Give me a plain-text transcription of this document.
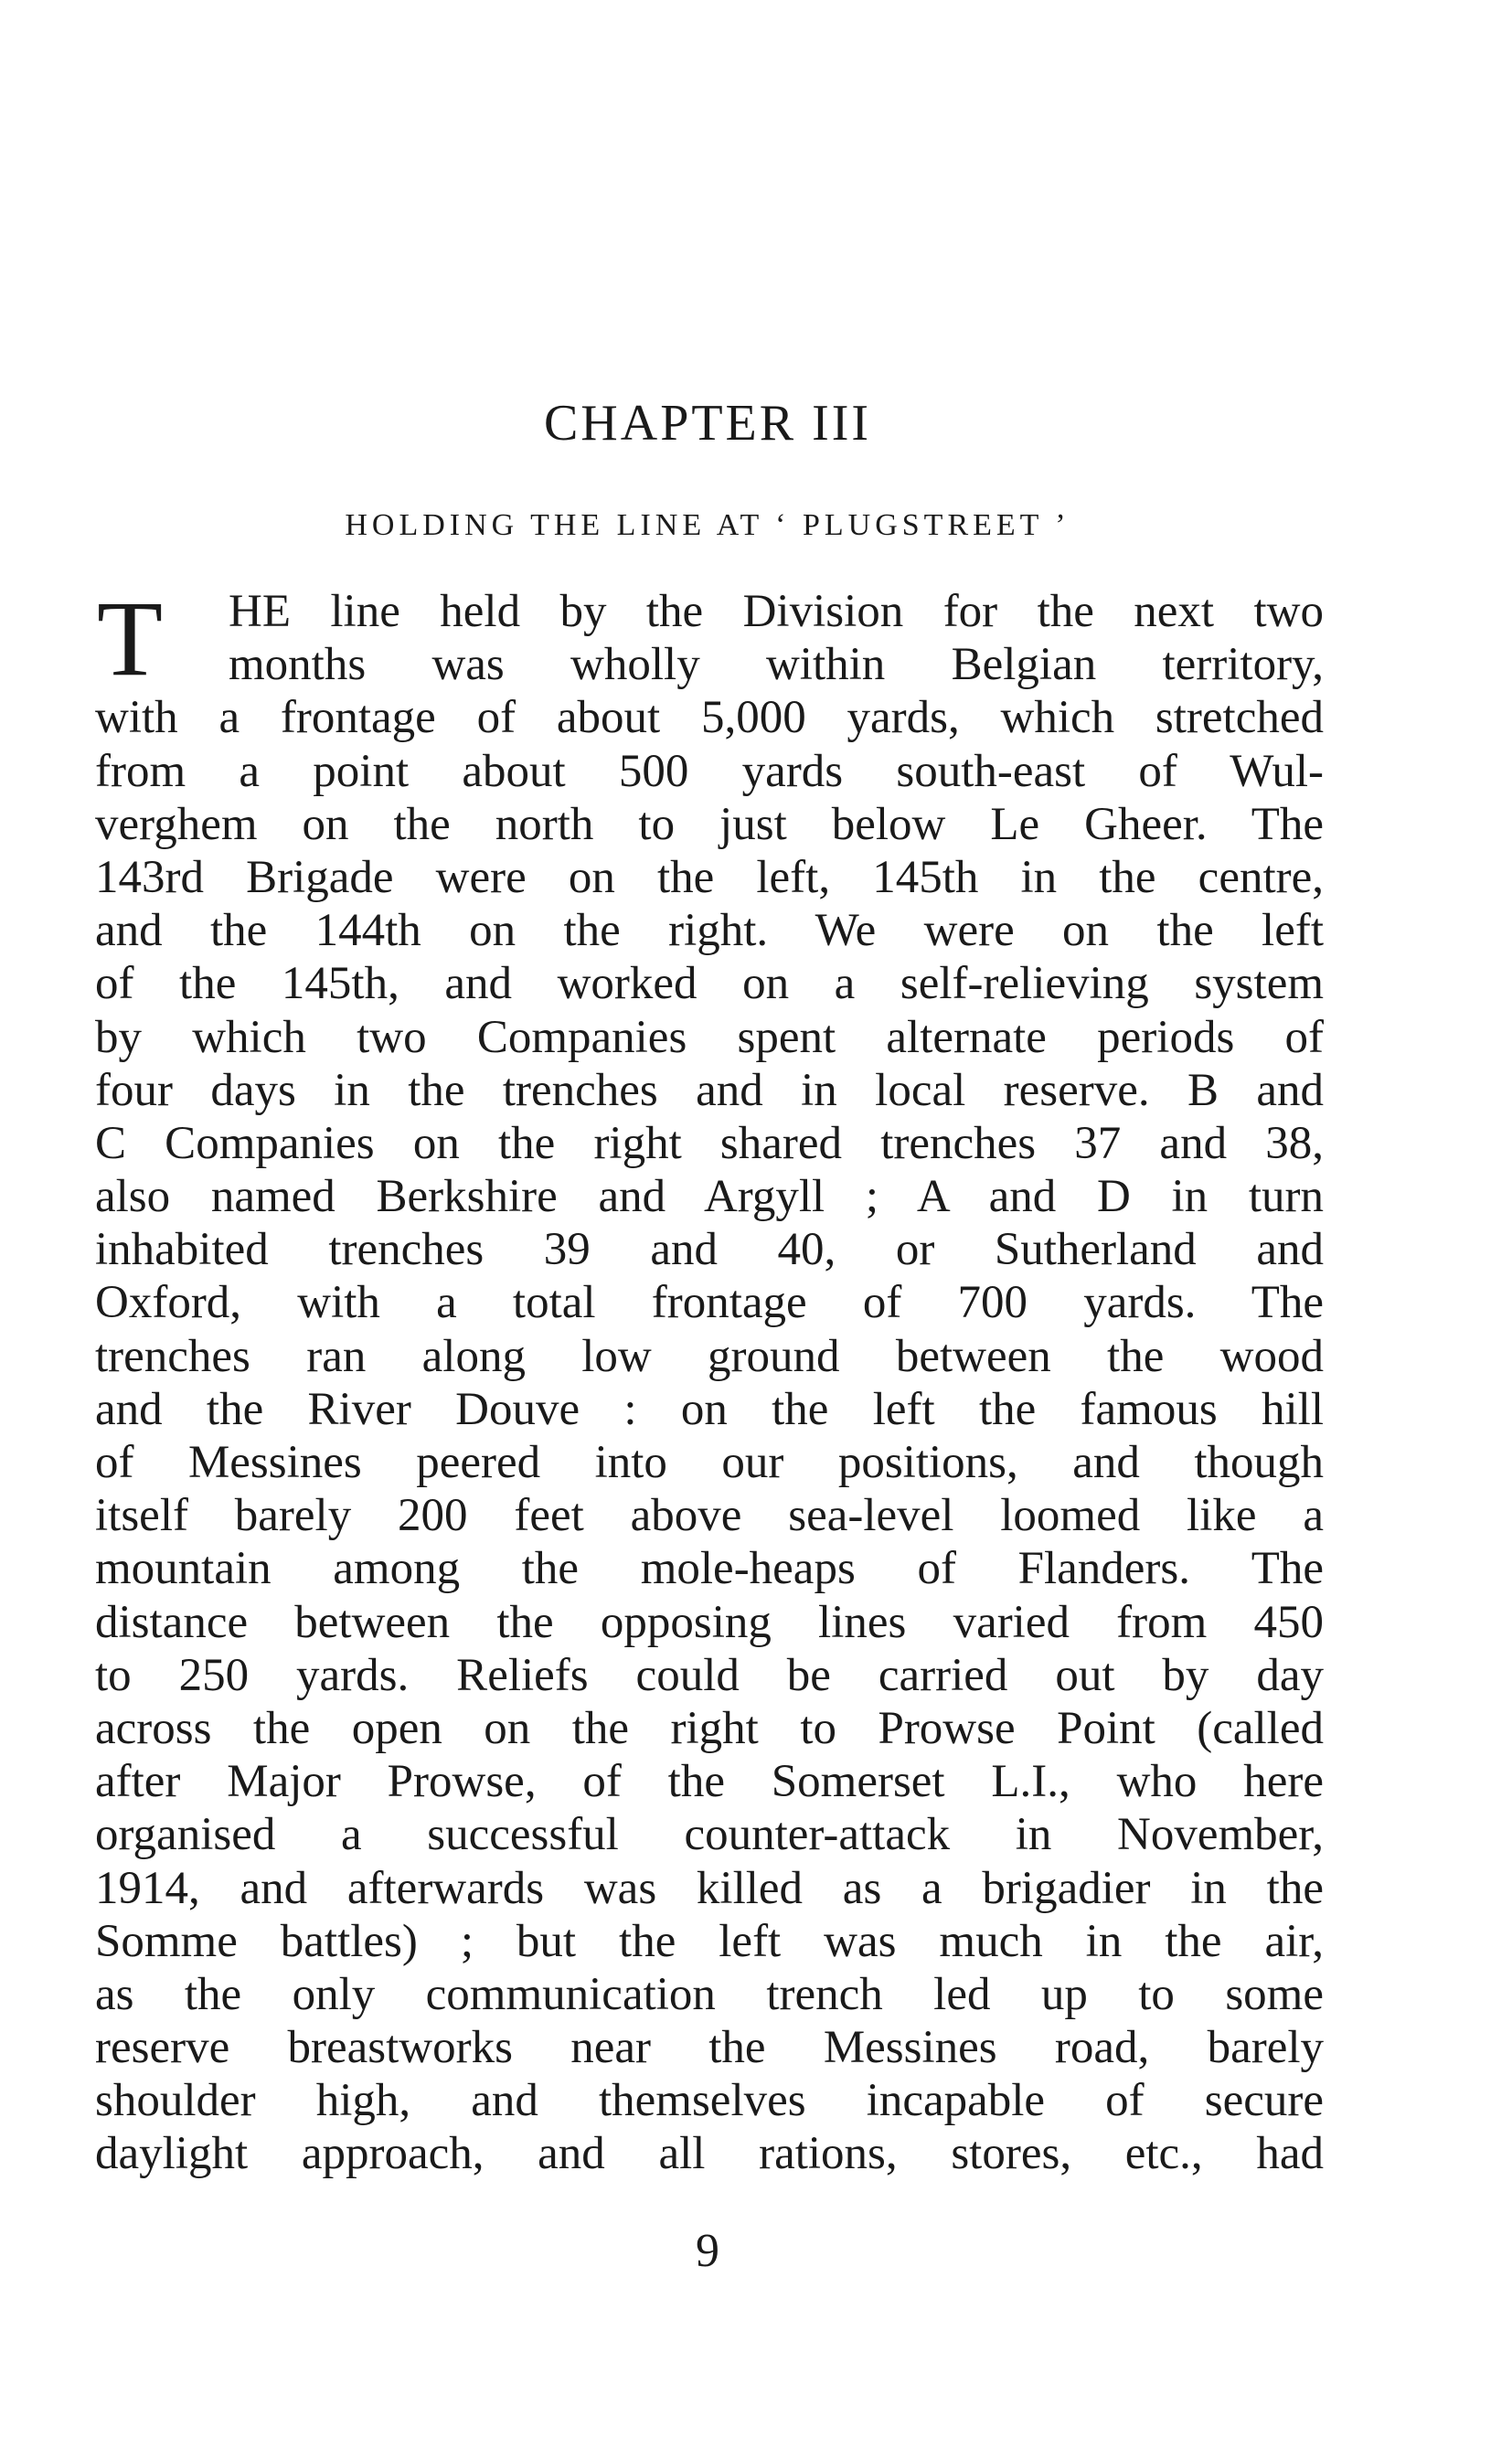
CHAPTER III
HOLDING THE LINE AT ‘ PLUGSTREET ’
T	HE line held by the Division for the next two
months was wholly within Belgian territory,
with a frontage of about 5,000 yards, which stretched
from a point about 500 yards south-east of Wul-
verghem on the north to just below Le Gheer. The
143rd Brigade were on the left, 145th in the centre,
and the 144th on the right. We were on the left
of the 145th, and worked on a self-relieving system
by which two Companies spent alternate periods of
four days in the trenches and in local reserve. B and
C Companies on the right shared trenches 37 and 38,
also named Berkshire and Argyll ; A and D in turn
inhabited trenches 39 and 40, or Sutherland and
Oxford, with a total frontage of 700 yards. The
trenches ran along low ground between the wood
and the River Douve : on the left the famous hill
of Messines peered into our positions, and though
itself barely 200 feet above sea-level loomed like a
mountain among the mole-heaps of Flanders. The
distance between the opposing lines varied from 450
to 250 yards. Reliefs could be carried out by day
across the open on the right to Prowse Point (called
after Major Prowse, of the Somerset L.I., who here
organised a successful counter-attack in November,
1914, and afterwards was killed as a brigadier in the
Somme battles) ; but the left was much in the air,
as the only communication trench led up to some
reserve breastworks near the Messines road, barely
shoulder high, and themselves incapable of secure
daylight approach, and all rations, stores, etc., had
9
